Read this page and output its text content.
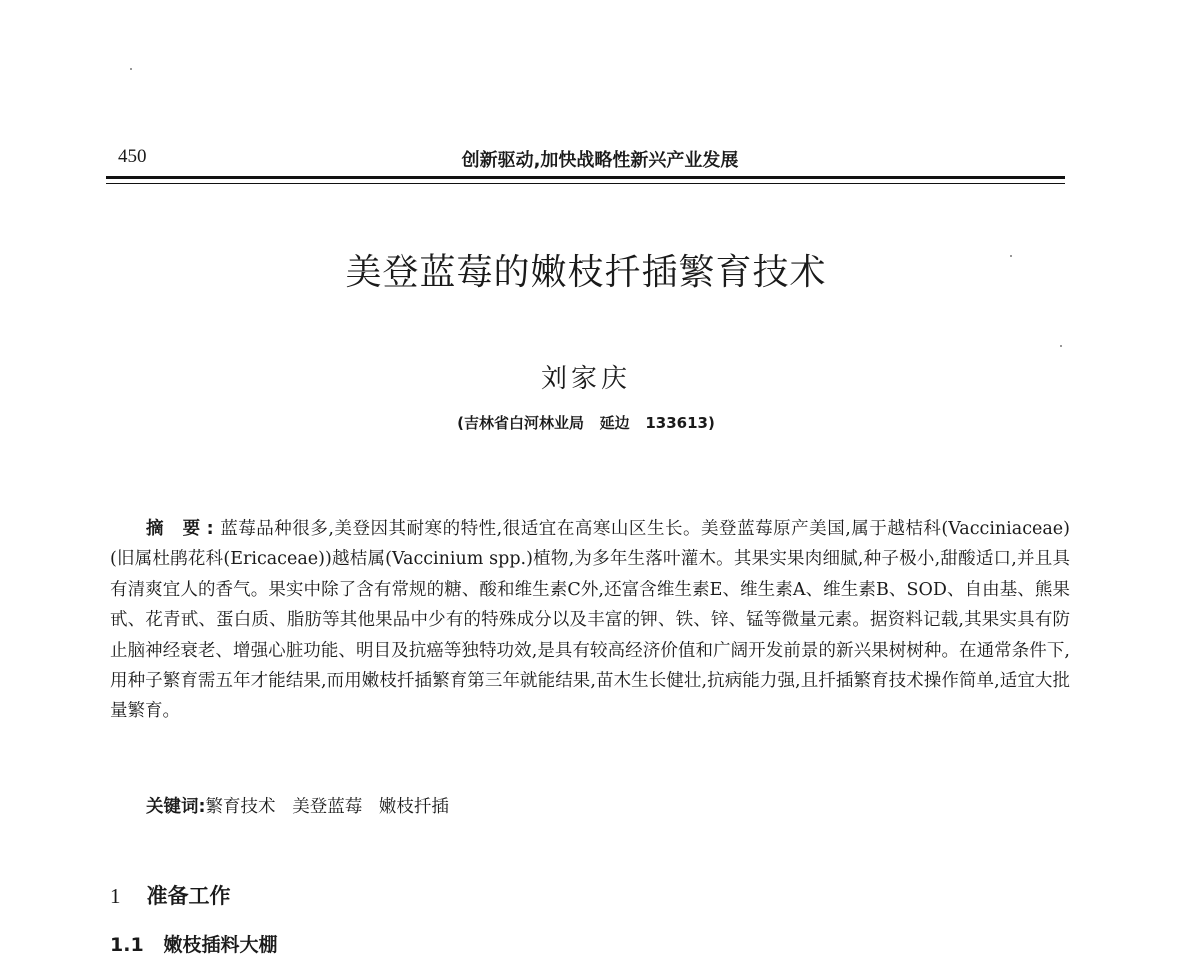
450	创新驱动,加快战略性新兴产业发展
美登蓝莓的嫩枝扦插繁育技术
刘家庆
(吉林省白河林业局   延边   133613)

摘 要:蓝莓品种很多,美登因其耐寒的特性,很适宜在高寒山区生长。美登蓝莓原产美国,属于越桔科(Vacciniaceae)(旧属杜鹃花科(Ericaceae))越桔属(Vaccinium spp.)植物,为多年生落叶灌木。其果实果肉细腻,种子极小,甜酸适口,并且具有清爽宜人的香气。果实中除了含有常规的糖、酸和维生素C外,还富含维生素E、维生素A、维生素B、SOD、自由基、熊果甙、花青甙、蛋白质、脂肪等其他果品中少有的特殊成分以及丰富的钾、铁、锌、锰等微量元素。据资料记载,其果实具有防止脑神经衰老、增强心脏功能、明目及抗癌等独特功效,是具有较高经济价值和广阔开发前景的新兴果树树种。在通常条件下,用种子繁育需五年才能结果,而用嫩枝扦插繁育第三年就能结果,苗木生长健壮,抗病能力强,且扦插繁育技术操作简单,适宜大批量繁育。

关键词:繁育技术   美登蓝莓   嫩枝扦插
1 准备工作
1.1   嫩枝插料大棚
